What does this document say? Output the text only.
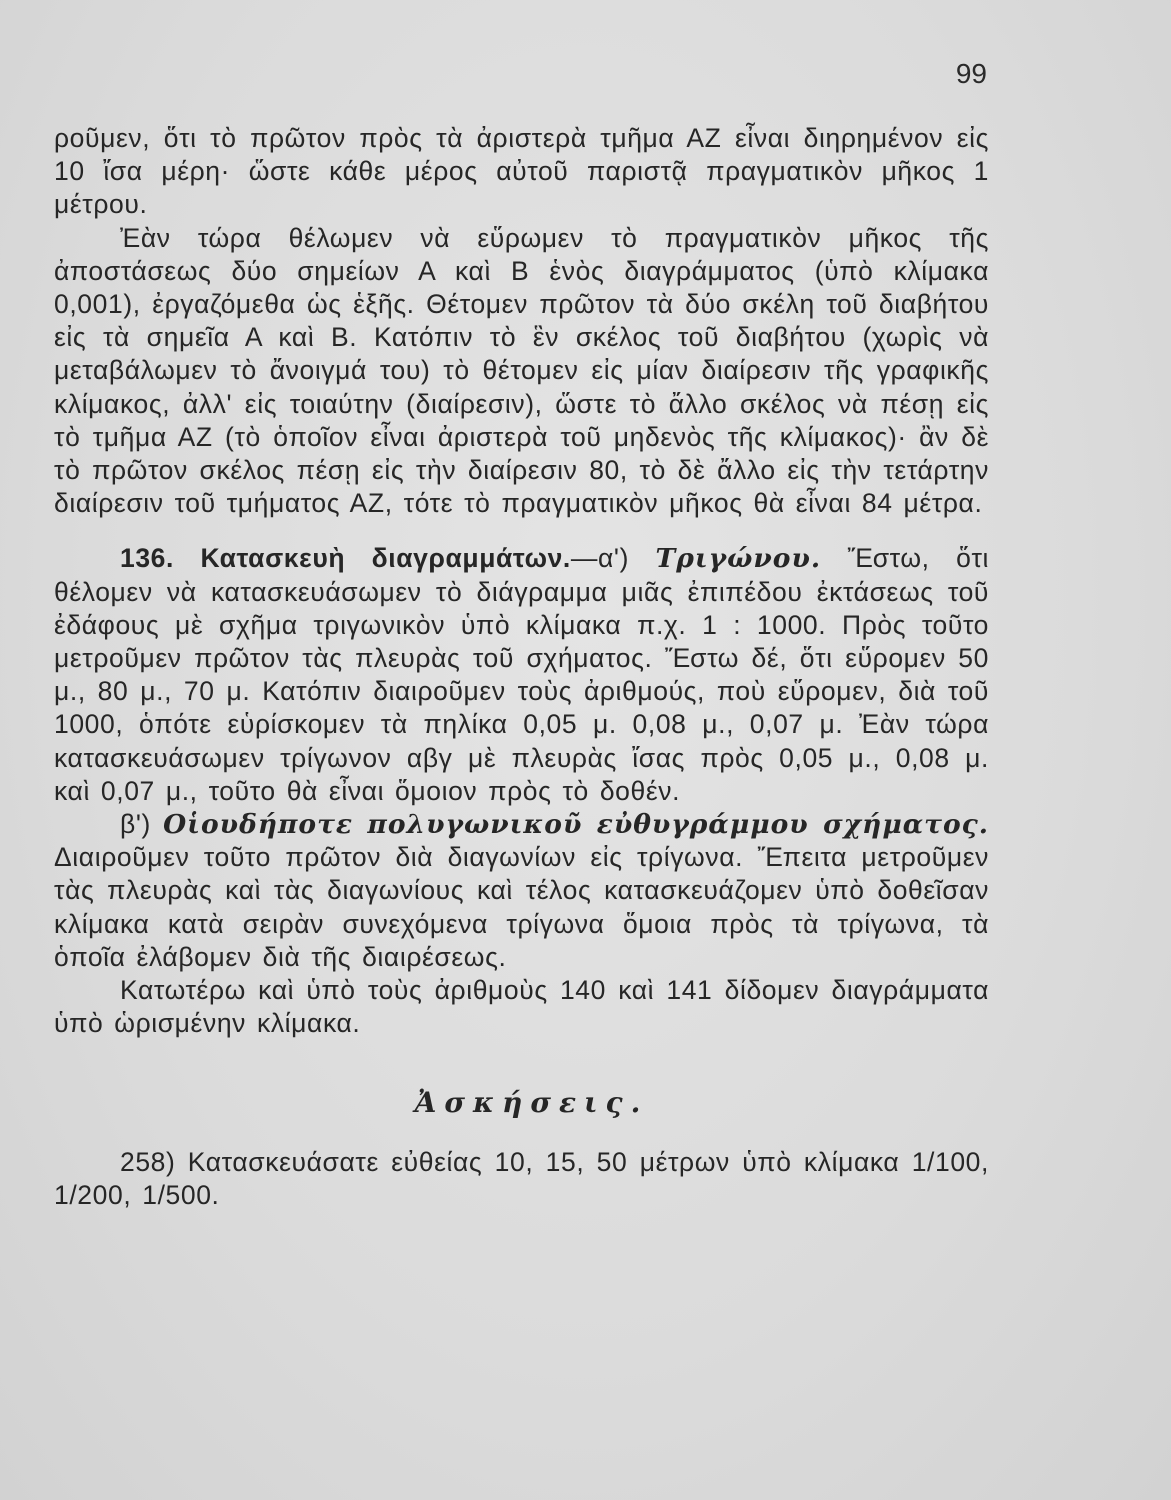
99

ροῦμεν, ὅτι τὸ πρῶτον πρὸς τὰ ἀριστερὰ τμῆμα ΑΖ εἶναι διηρημένον εἰς 10 ἴσα μέρη· ὥστε κάθε μέρος αὐτοῦ παριστᾷ πραγματικὸν μῆκος 1 μέτρου.

Ἐὰν τώρα θέλωμεν νὰ εὕρωμεν τὸ πραγματικὸν μῆκος τῆς ἀποστάσεως δύο σημείων Α καὶ Β ἑνὸς διαγράμματος (ὑπὸ κλίμακα 0,001), ἐργαζόμεθα ὡς ἑξῆς. Θέτομεν πρῶτον τὰ δύο σκέλη τοῦ διαβήτου εἰς τὰ σημεῖα Α καὶ Β. Κατόπιν τὸ ἓν σκέλος τοῦ διαβήτου (χωρὶς νὰ μεταβάλωμεν τὸ ἄνοιγμά του) τὸ θέτομεν εἰς μίαν διαίρεσιν τῆς γραφικῆς κλίμακος, ἀλλ' εἰς τοιαύτην (διαίρεσιν), ὥστε τὸ ἄλλο σκέλος νὰ πέσῃ εἰς τὸ τμῆμα ΑΖ (τὸ ὁποῖον εἶναι ἀριστερὰ τοῦ μηδενὸς τῆς κλίμακος)· ἂν δὲ τὸ πρῶτον σκέλος πέσῃ εἰς τὴν διαίρεσιν 80, τὸ δὲ ἄλλο εἰς τὴν τετάρτην διαίρεσιν τοῦ τμήματος ΑΖ, τότε τὸ πραγματικὸν μῆκος θὰ εἶναι 84 μέτρα.

136. Κατασκευὴ διαγραμμάτων.—α') Τριγώνου. Ἔστω, ὅτι θέλομεν νὰ κατασκευάσωμεν τὸ διάγραμμα μιᾶς ἐπιπέδου ἐκτάσεως τοῦ ἐδάφους μὲ σχῆμα τριγωνικὸν ὑπὸ κλίμακα π.χ. 1 : 1000. Πρὸς τοῦτο μετροῦμεν πρῶτον τὰς πλευρὰς τοῦ σχήματος. Ἔστω δέ, ὅτι εὕρομεν 50 μ., 80 μ., 70 μ. Κατόπιν διαιροῦμεν τοὺς ἀριθμούς, ποὺ εὕρομεν, διὰ τοῦ 1000, ὁπότε εὑρίσκομεν τὰ πηλίκα 0,05 μ. 0,08 μ., 0,07 μ. Ἐὰν τώρα κατασκευάσωμεν τρίγωνον αβγ μὲ πλευρὰς ἴσας πρὸς 0,05 μ., 0,08 μ. καὶ 0,07 μ., τοῦτο θὰ εἶναι ὅμοιον πρὸς τὸ δοθέν.

β') Οἱουδήποτε πολυγωνικοῦ εὐθυγράμμου σχήματος. Διαιροῦμεν τοῦτο πρῶτον διὰ διαγωνίων εἰς τρίγωνα. Ἔπειτα μετροῦμεν τὰς πλευρὰς καὶ τὰς διαγωνίους καὶ τέλος κατασκευάζομεν ὑπὸ δοθεῖσαν κλίμακα κατὰ σειρὰν συνεχόμενα τρίγωνα ὅμοια πρὸς τὰ τρίγωνα, τὰ ὁποῖα ἐλάβομεν διὰ τῆς διαιρέσεως.

Κατωτέρω καὶ ὑπὸ τοὺς ἀριθμοὺς 140 καὶ 141 δίδομεν διαγράμματα ὑπὸ ὡρισμένην κλίμακα.

Ἀσκήσεις.

258) Κατασκευάσατε εὐθείας 10, 15, 50 μέτρων ὑπὸ κλίμακα 1/100, 1/200, 1/500.
